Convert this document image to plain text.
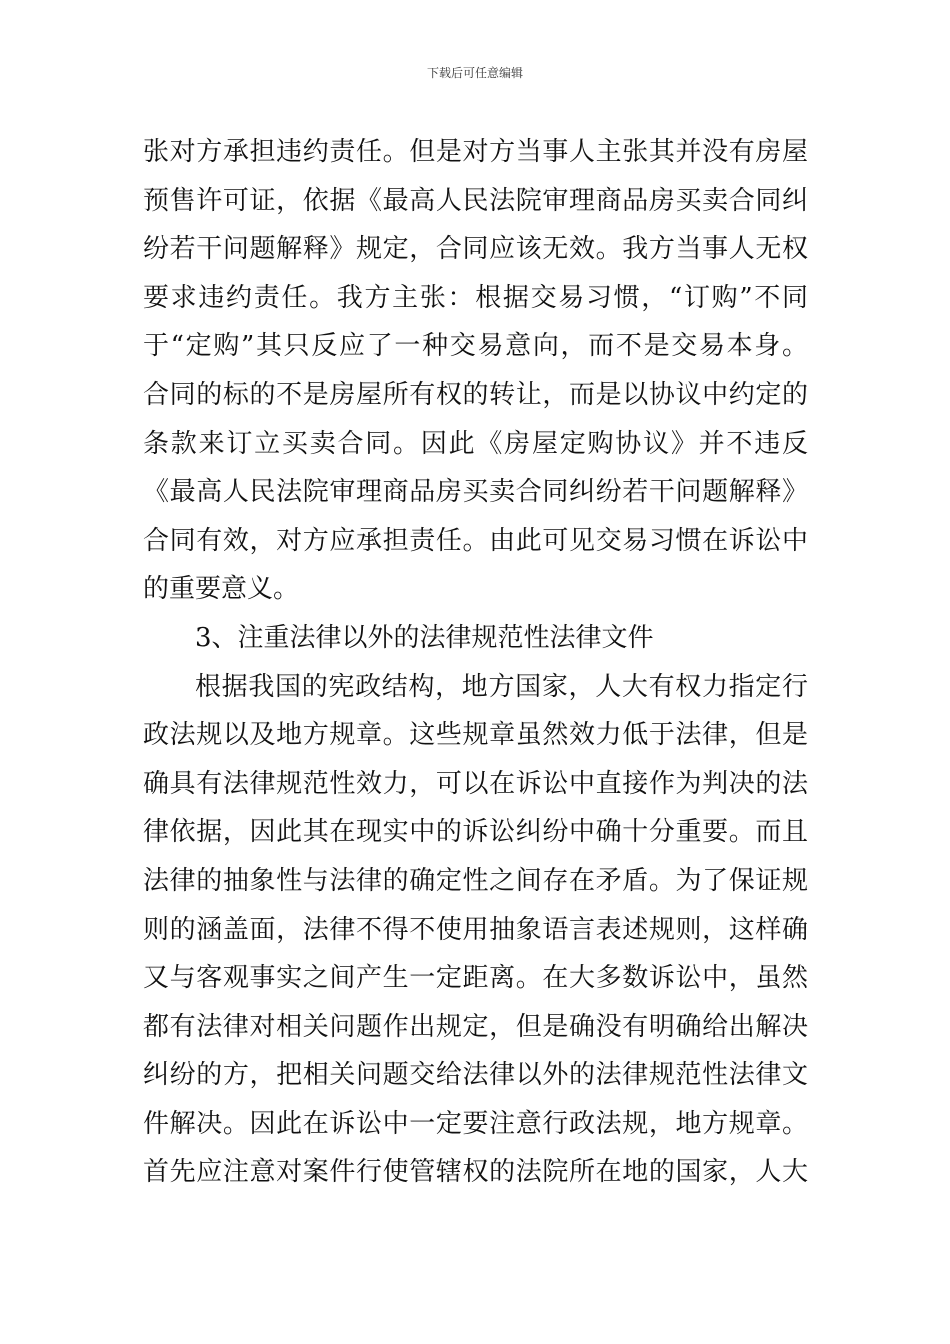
下载后可任意编辑
张对方承担违约责任。但是对方当事人主张其并没有房屋
预售许可证，依据《最高人民法院审理商品房买卖合同纠
纷若干问题解释》规定，合同应该无效。我方当事人无权
要求违约责任。我方主张：根据交易习惯，“订购”不同
于“定购”其只反应了一种交易意向，而不是交易本身。
合同的标的不是房屋所有权的转让，而是以协议中约定的
条款来订立买卖合同。因此《房屋定购协议》并不违反
《最高人民法院审理商品房买卖合同纠纷若干问题解释》
合同有效，对方应承担责任。由此可见交易习惯在诉讼中
的重要意义。
3、注重法律以外的法律规范性法律文件
根据我国的宪政结构，地方国家，人大有权力指定行
政法规以及地方规章。这些规章虽然效力低于法律，但是
确具有法律规范性效力，可以在诉讼中直接作为判决的法
律依据，因此其在现实中的诉讼纠纷中确十分重要。而且
法律的抽象性与法律的确定性之间存在矛盾。为了保证规
则的涵盖面，法律不得不使用抽象语言表述规则，这样确
又与客观事实之间产生一定距离。在大多数诉讼中，虽然
都有法律对相关问题作出规定，但是确没有明确给出解决
纠纷的方，把相关问题交给法律以外的法律规范性法律文
件解决。因此在诉讼中一定要注意行政法规，地方规章。
首先应注意对案件行使管辖权的法院所在地的国家，人大
